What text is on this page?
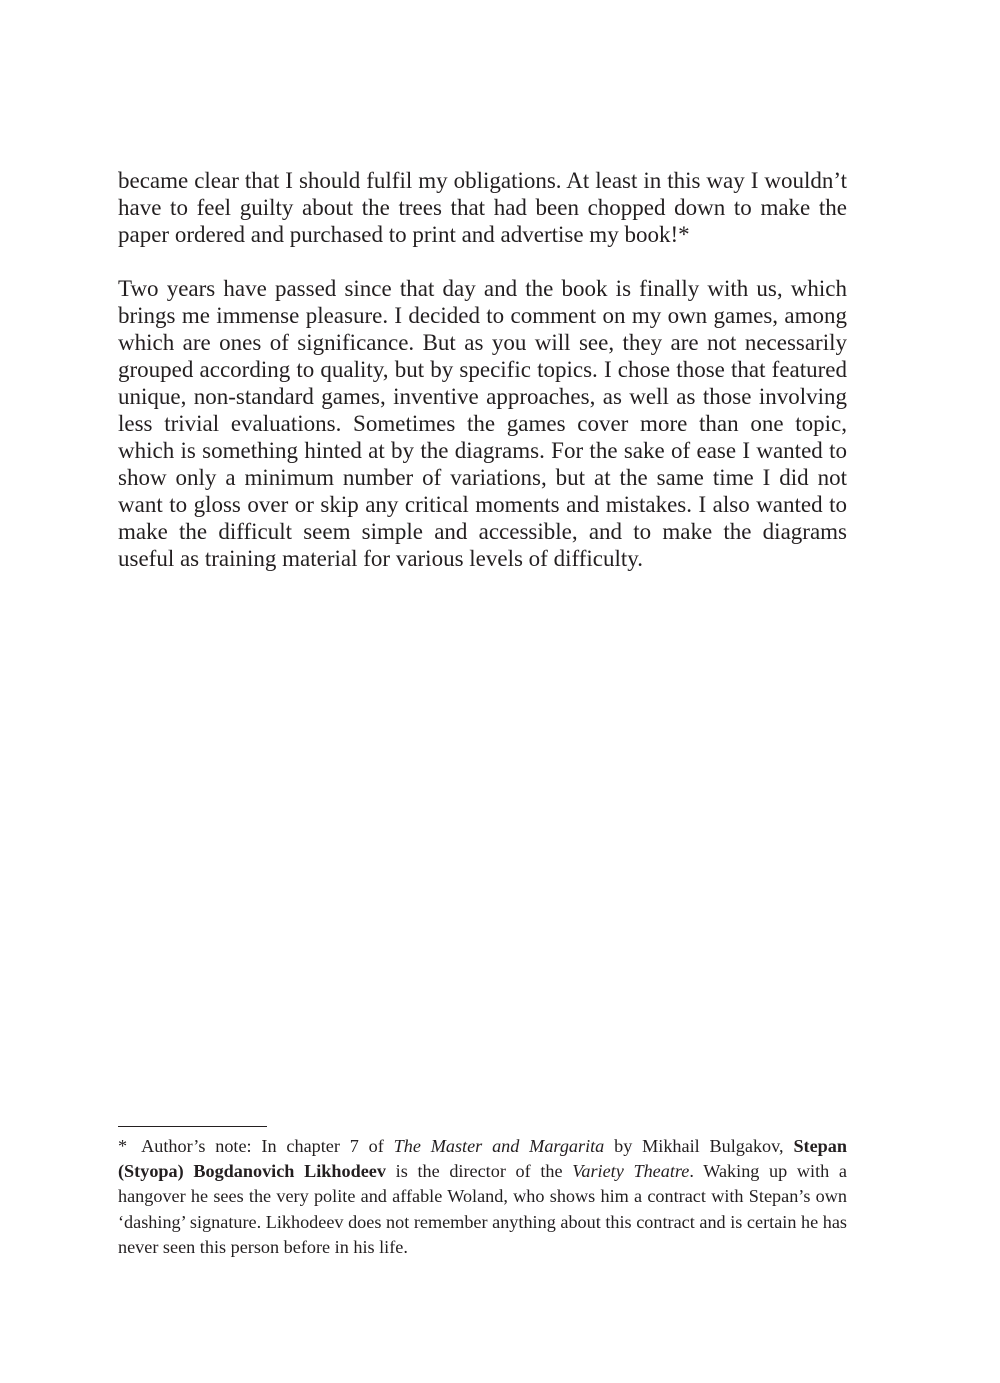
became clear that I should fulfil my obligations. At least in this way I wouldn’t have to feel guilty about the trees that had been chopped down to make the paper ordered and purchased to print and advertise my book!*

Two years have passed since that day and the book is finally with us, which brings me immense pleasure. I decided to comment on my own games, among which are ones of significance. But as you will see, they are not necessarily grouped according to quality, but by specific topics. I chose those that featured unique, non-standard games, inventive approaches, as well as those involving less trivial evaluations. Sometimes the games cover more than one topic, which is something hinted at by the diagrams. For the sake of ease I wanted to show only a minimum number of variations, but at the same time I did not want to gloss over or skip any critical moments and mistakes. I also wanted to make the difficult seem simple and accessible, and to make the diagrams useful as training material for various levels of difficulty.

* Author’s note: In chapter 7 of The Master and Margarita by Mikhail Bulgakov, Stepan (Styopa) Bogdanovich Likhodeev is the director of the Variety Theatre. Waking up with a hangover he sees the very polite and affable Woland, who shows him a contract with Stepan’s own ‘dashing’ signature. Likhodeev does not remember anything about this contract and is certain he has never seen this person before in his life.
